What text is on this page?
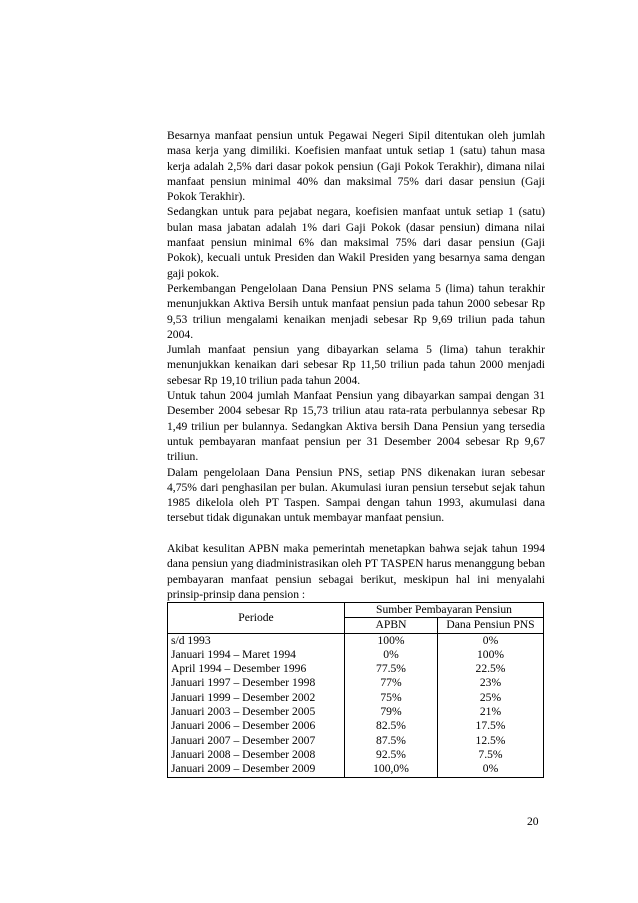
Besarnya manfaat pensiun untuk Pegawai Negeri Sipil ditentukan oleh jumlah masa kerja yang dimiliki. Koefisien manfaat untuk setiap 1 (satu) tahun masa kerja adalah 2,5% dari dasar pokok pensiun (Gaji Pokok Terakhir), dimana nilai manfaat pensiun minimal 40% dan maksimal 75% dari dasar pensiun (Gaji Pokok Terakhir).

Sedangkan untuk para pejabat negara, koefisien manfaat untuk setiap 1 (satu) bulan masa jabatan adalah 1% dari Gaji Pokok (dasar pensiun) dimana nilai manfaat pensiun minimal 6% dan maksimal 75% dari dasar pensiun (Gaji Pokok), kecuali untuk Presiden dan Wakil Presiden yang besarnya sama dengan gaji pokok.

Perkembangan Pengelolaan Dana Pensiun PNS selama 5 (lima) tahun terakhir menunjukkan Aktiva Bersih untuk manfaat pensiun pada tahun 2000 sebesar Rp 9,53 triliun mengalami kenaikan menjadi sebesar Rp 9,69 triliun pada tahun 2004.

Jumlah manfaat pensiun yang dibayarkan selama 5 (lima) tahun terakhir menunjukkan kenaikan dari sebesar Rp 11,50 triliun pada tahun 2000 menjadi sebesar Rp 19,10 triliun pada tahun 2004.

Untuk tahun 2004 jumlah Manfaat Pensiun yang dibayarkan sampai dengan 31 Desember 2004 sebesar Rp 15,73 triliun atau rata-rata perbulannya sebesar Rp 1,49 triliun per bulannya. Sedangkan Aktiva bersih Dana Pensiun yang tersedia untuk pembayaran manfaat pensiun per 31 Desember 2004 sebesar Rp 9,67 triliun.

Dalam pengelolaan Dana Pensiun PNS, setiap PNS dikenakan iuran sebesar 4,75% dari penghasilan per bulan. Akumulasi iuran pensiun tersebut sejak tahun 1985 dikelola oleh PT Taspen. Sampai dengan tahun 1993, akumulasi dana tersebut tidak digunakan untuk membayar manfaat pensiun.

Akibat kesulitan APBN maka pemerintah menetapkan bahwa sejak tahun 1994 dana pensiun yang diadministrasikan oleh PT TASPEN harus menanggung beban pembayaran manfaat pensiun sebagai berikut, meskipun hal ini menyalahi prinsip-prinsip dana pension :

Periode	Sumber Pembayaran Pensiun	
	APBN	Dana Pensiun PNS
s/d 1993	100%	0%
Januari 1994 – Maret 1994	0%	100%
April 1994 – Desember 1996	77.5%	22.5%
Januari 1997 – Desember 1998	77%	23%
Januari 1999 – Desember 2002	75%	25%
Januari 2003 – Desember 2005	79%	21%
Januari 2006 – Desember 2006	82.5%	17.5%
Januari 2007 – Desember 2007	87.5%	12.5%
Januari 2008 – Desember 2008	92.5%	7.5%
Januari 2009 – Desember 2009	100,0%	0%
20
